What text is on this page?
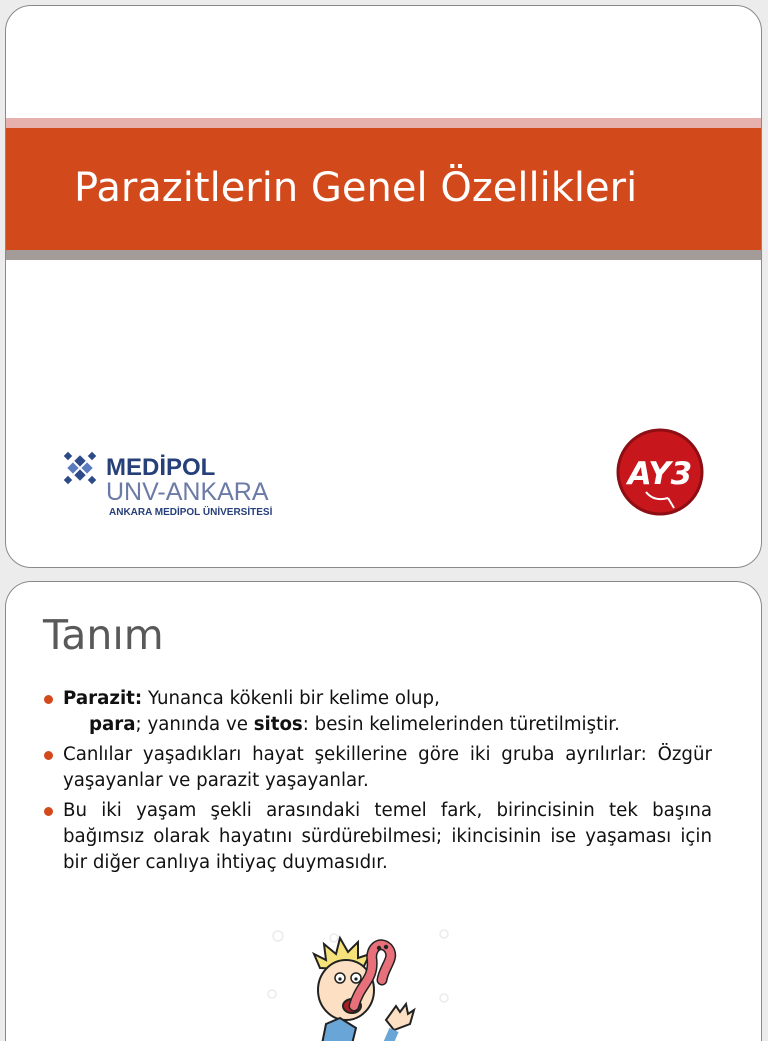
Parazitlerin Genel Özellikleri
MEDİPOL
UNV-ANKARA
ANKARA MEDİPOL ÜNİVERSİTESİ
AY3
Tanım
Parazit: Yunanca kökenli bir kelime olup,
para; yanında ve sitos: besin kelimelerinden türetilmiştir.
Canlılar yaşadıkları hayat şekillerine göre iki gruba ayrılırlar: Özgür yaşayanlar ve parazit yaşayanlar.
Bu iki yaşam şekli arasındaki temel fark, birincisinin tek başına bağımsız olarak hayatını sürdürebilmesi; ikincisinin ise yaşaması için bir diğer canlıya ihtiyaç duymasıdır.
